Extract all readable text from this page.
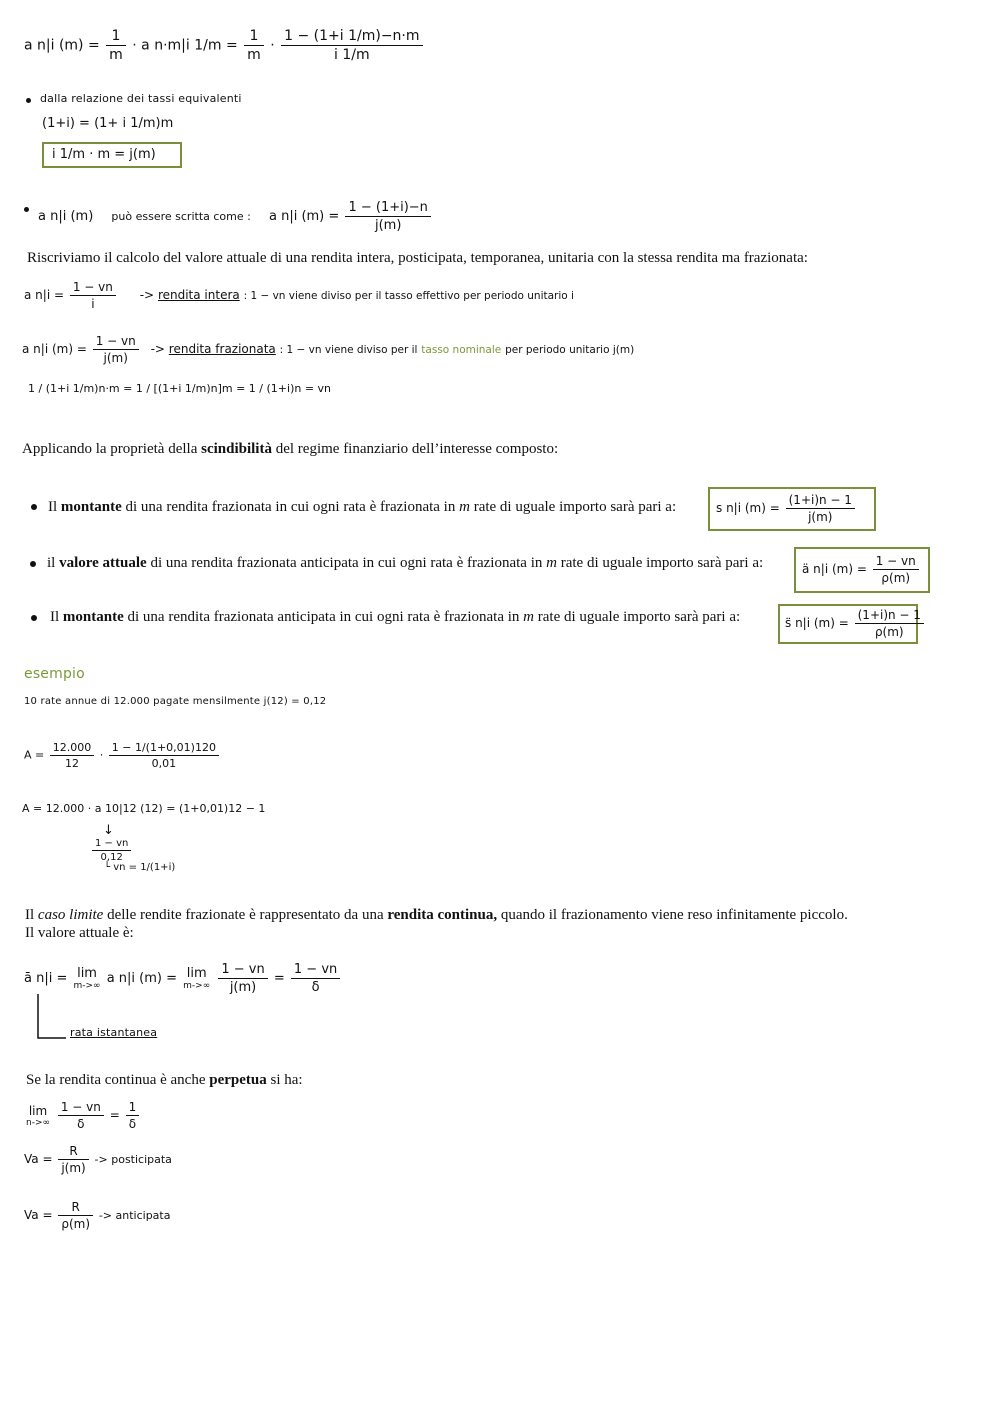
a n|i $(m) = \frac{1}{m} \cdot a$ n·m|i $1/m = \frac{1}{m} \cdot \frac{1 - (1+i 1/m)-n\cdot m}{i 1/m}$
dalla relazione dei tassi equivalenti
(1+i) = (1+ i 1/m)m
i 1/m · m = j(m)
a n|i (m) può essere scritta come : a n|i $(m) = \frac{1 - (1+i)-n}{j(m)}$
Riscriviamo il calcolo del valore attuale di una rendita intera, posticipata, temporanea, unitaria con la stessa rendita ma frazionata:
a $n|i = \frac{1 - vn}{i}$ -> rendita intera : 1 − vn viene diviso per il tasso effettivo per periodo unitario i
a n|i $(m) = \frac{1 - vn}{j(m)}$ -> rendita frazionata : 1 − vn viene diviso per il tasso nominale per periodo unitario j(m)
1 / (1+i 1/m)n·m = 1 / [(1+i 1/m)n]m = 1 / (1+i)n = vn
Applicando la proprietà della scindibilità del regime finanziario dell’interesse composto:
Il montante di una rendita frazionata in cui ogni rata è frazionata in m rate di uguale importo sarà pari a:	s n|i $(m) = \frac{(1+i)n - 1}{j(m)}$
il valore attuale di una rendita frazionata anticipata in cui ogni rata è frazionata in m rate di uguale importo sarà pari a:	ä n|i $(m) = \frac{1 - vn}{\rho(m)}$
Il montante di una rendita frazionata anticipata in cui ogni rata è frazionata in m rate di uguale importo sarà pari a:	s̈ n|i $(m) = \frac{(1+i)n - 1}{\rho(m)}$
esempio
10 rate annue di 12.000 pagate mensilmente j(12) = 0,12
$A = \frac{12.000}{12} \cdot \frac{1 - 1/(1+0,01)120}{0,01}$
A = 12.000 · a 10|12 (12) = (1+0,01)12 − 1
↓
$\frac{1 - vn}{0,12}$
└ vn = 1/(1+i)
Il caso limite delle rendite frazionate è rappresentato da una rendita continua, quando il frazionamento viene reso infinitamente piccolo.
Il valore attuale è:
ā n|i = lim
m->∞ a n|i (m) = lim
m->∞
$\frac{1 - vn}{j(m)} = \frac{1 - vn}{\delta}$
rata istantanea
Se la rendita continua è anche perpetua si ha:
lim
n->∞
$\frac{1 - vn}{\delta} = \frac{1}{\delta}$
$Va = \frac{R}{j(m)}$ -> posticipata
$Va = \frac{R}{\rho(m)}$ -> anticipata
